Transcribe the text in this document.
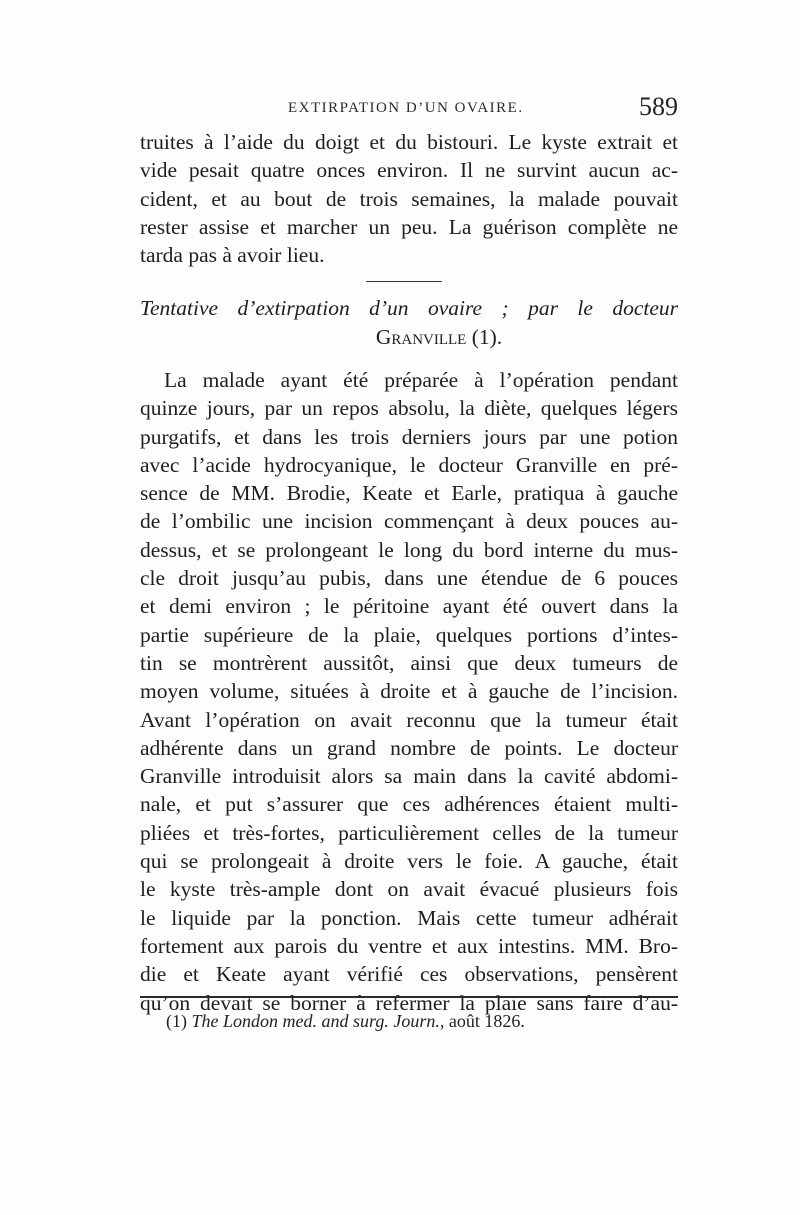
EXTIRPATION D’UN OVAIRE.	589
truites à l’aide du doigt et du bistouri. Le kyste extrait et
vide pesait quatre onces environ. Il ne survint aucun ac-
cident, et au bout de trois semaines, la malade pouvait
rester assise et marcher un peu. La guérison complète ne
tarda pas à avoir lieu.
Tentative d’extirpation d’un ovaire ; par le docteur
Granville (1).
La malade ayant été préparée à l’opération pendant
quinze jours, par un repos absolu, la diète, quelques légers
purgatifs, et dans les trois derniers jours par une potion
avec l’acide hydrocyanique, le docteur Granville en pré-
sence de MM. Brodie, Keate et Earle, pratiqua à gauche
de l’ombilic une incision commençant à deux pouces au-
dessus, et se prolongeant le long du bord interne du mus-
cle droit jusqu’au pubis, dans une étendue de 6 pouces
et demi environ ; le péritoine ayant été ouvert dans la
partie supérieure de la plaie, quelques portions d’intes-
tin se montrèrent aussitôt, ainsi que deux tumeurs de
moyen volume, situées à droite et à gauche de l’incision.
Avant l’opération on avait reconnu que la tumeur était
adhérente dans un grand nombre de points. Le docteur
Granville introduisit alors sa main dans la cavité abdomi-
nale, et put s’assurer que ces adhérences étaient multi-
pliées et très-fortes, particulièrement celles de la tumeur
qui se prolongeait à droite vers le foie. A gauche, était
le kyste très-ample dont on avait évacué plusieurs fois
le liquide par la ponction. Mais cette tumeur adhérait
fortement aux parois du ventre et aux intestins. MM. Bro-
die et Keate ayant vérifié ces observations, pensèrent
qu’on devait se borner à refermer la plaie sans faire d’au-
(1) The London med. and surg. Journ., août 1826.
